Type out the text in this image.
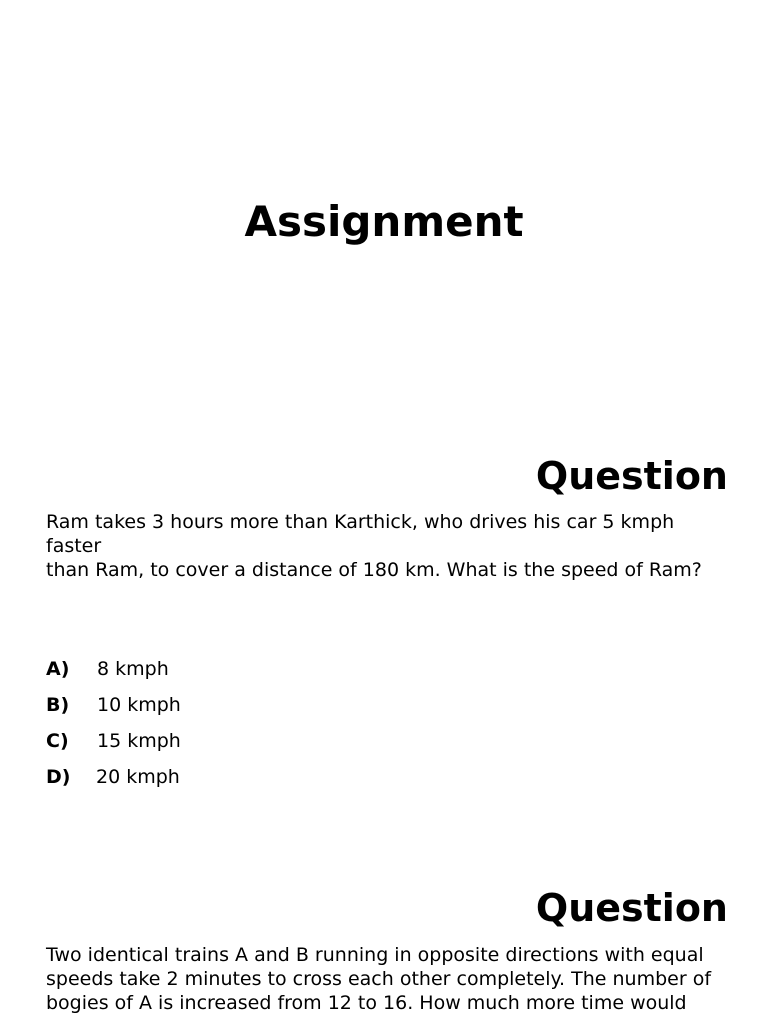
Assignment
Question
Ram takes 3 hours more than Karthick, who drives his car 5 kmph faster
than Ram, to cover a distance of 180 km. What is the speed of Ram?
A)	8 kmph
B)	10 kmph
C)	15 kmph
D)	20 kmph
Question
Two identical trains A and B running in opposite directions with equal speeds take 2 minutes to cross each other completely. The number of
bogies of A is increased from 12 to 16. How much more time would
